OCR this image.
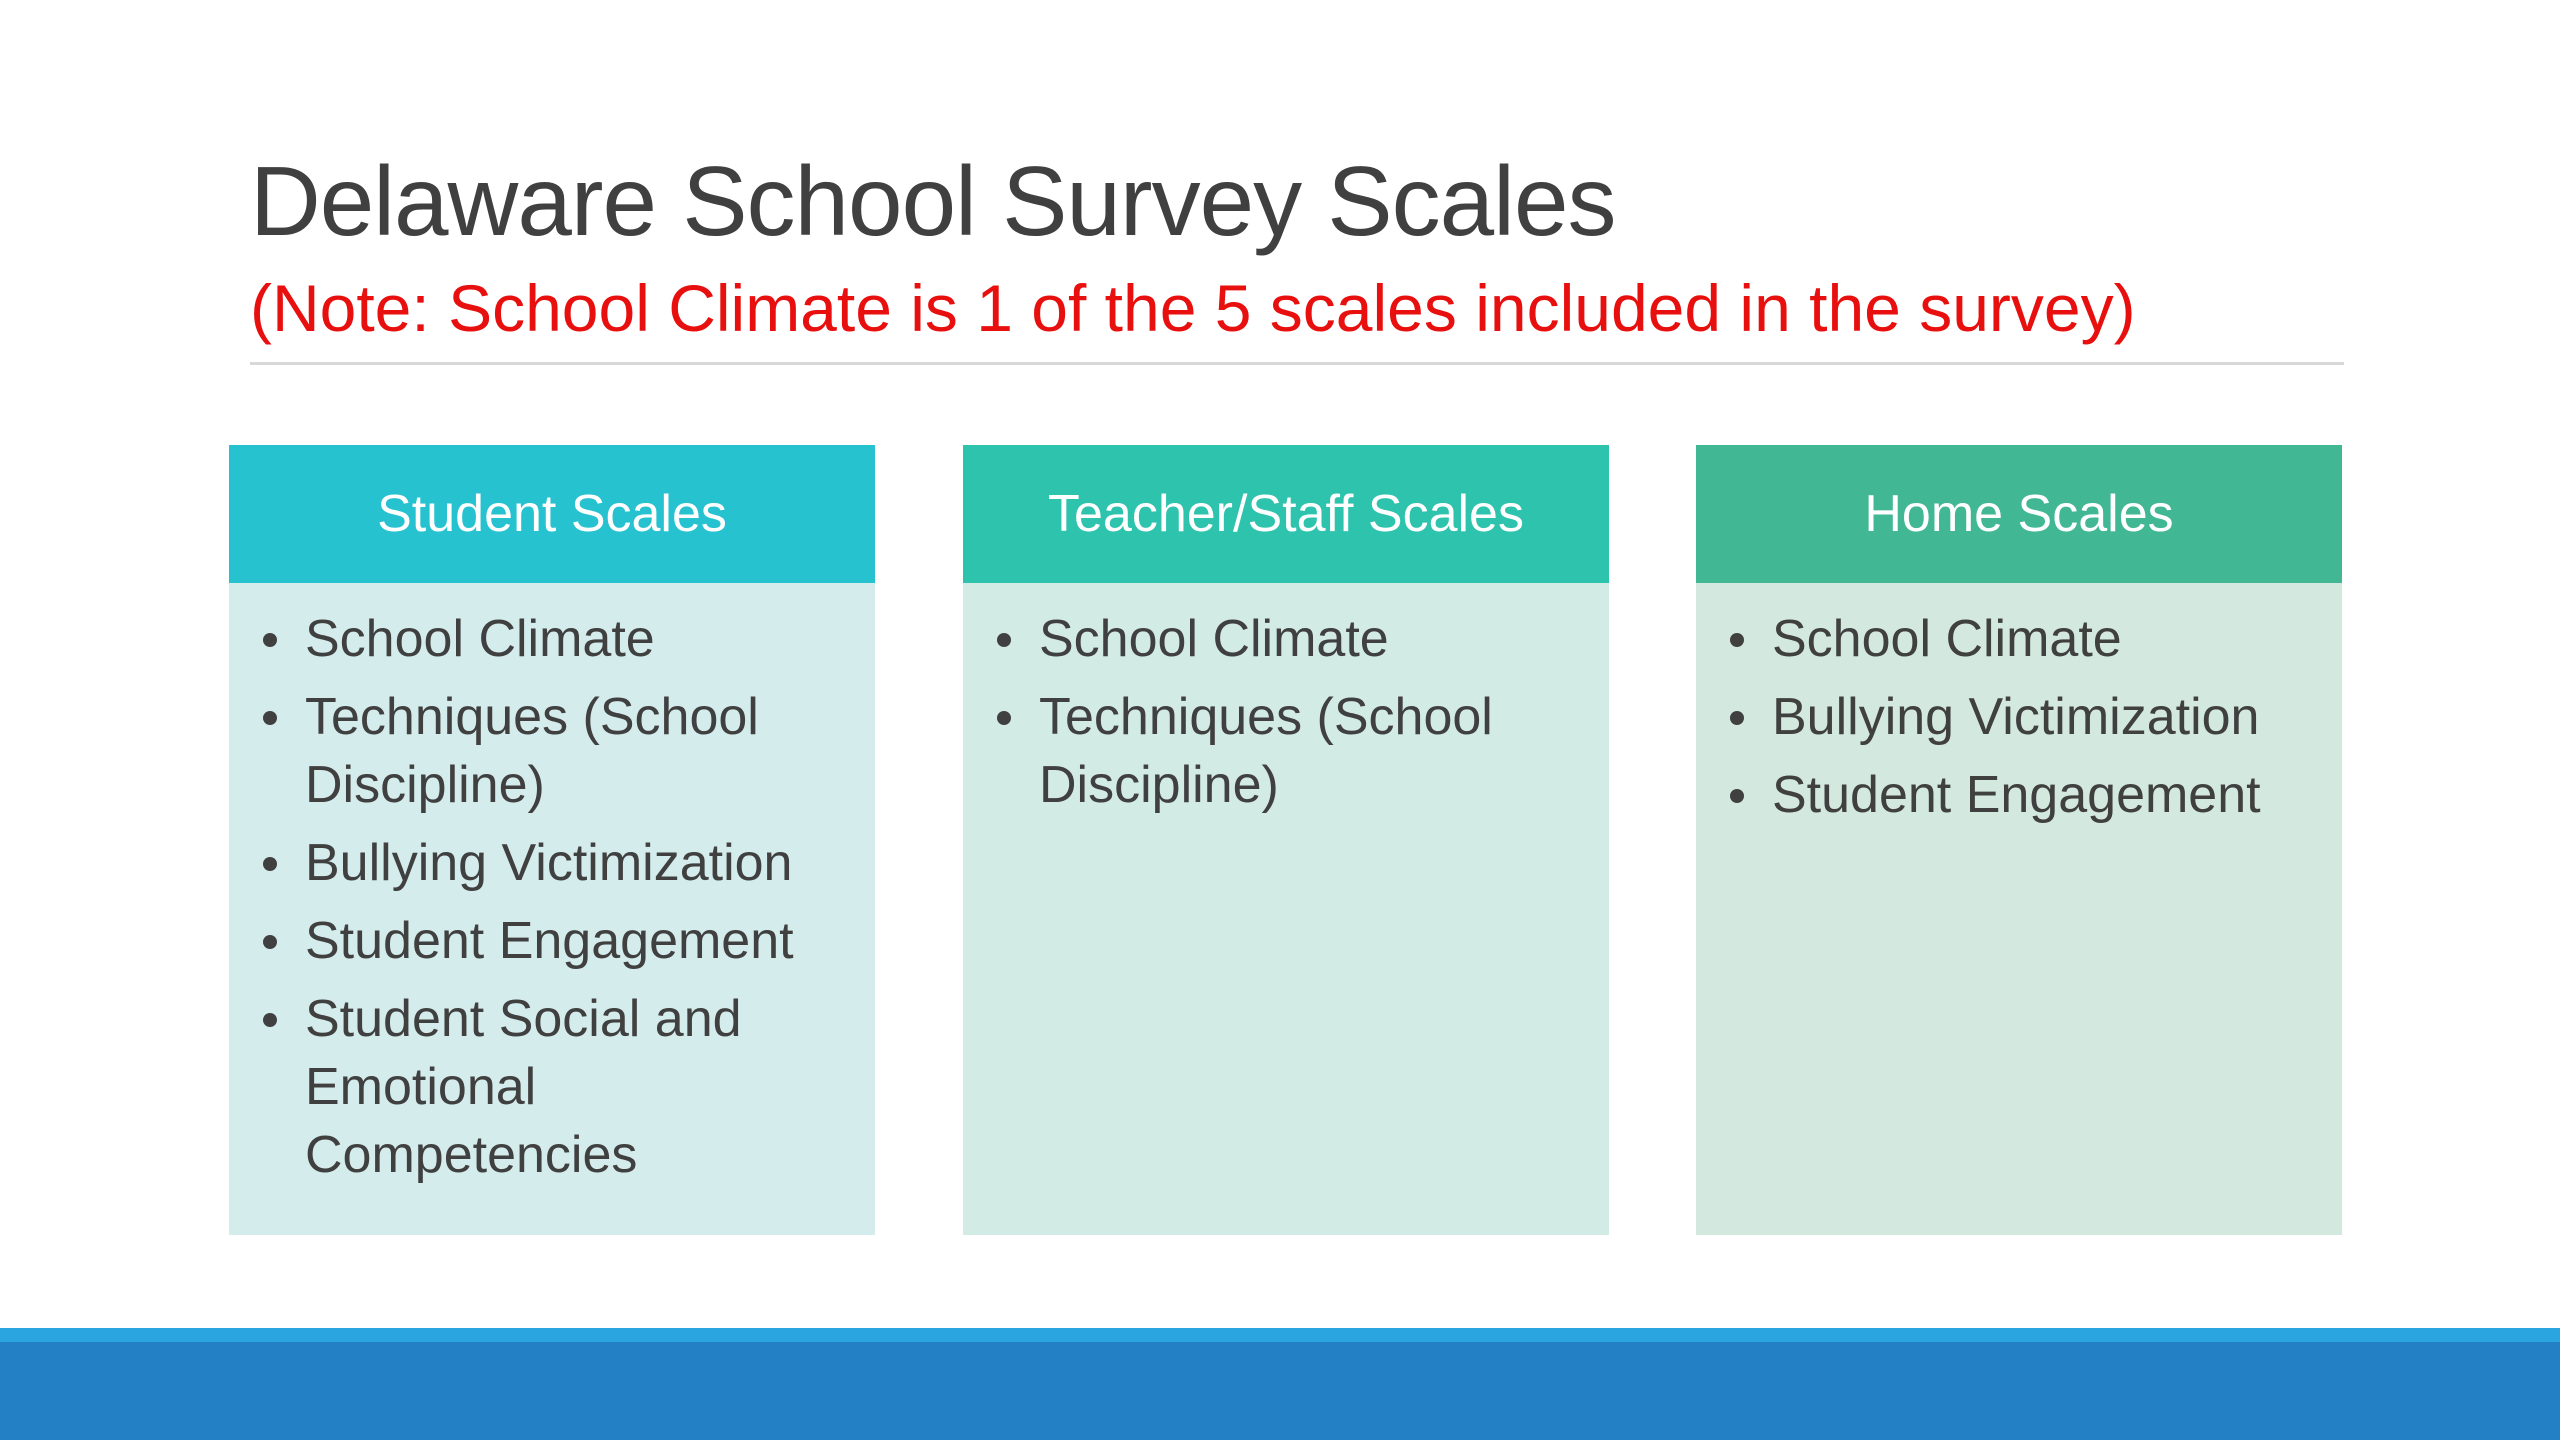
Delaware School Survey Scales
(Note: School Climate is 1 of the 5 scales included in the survey)
Student Scales
School Climate
Techniques (School Discipline)
Bullying Victimization
Student Engagement
Student Social and Emotional Competencies
Teacher/Staff Scales
School Climate
Techniques (School Discipline)
Home Scales
School Climate
Bullying Victimization
Student Engagement
